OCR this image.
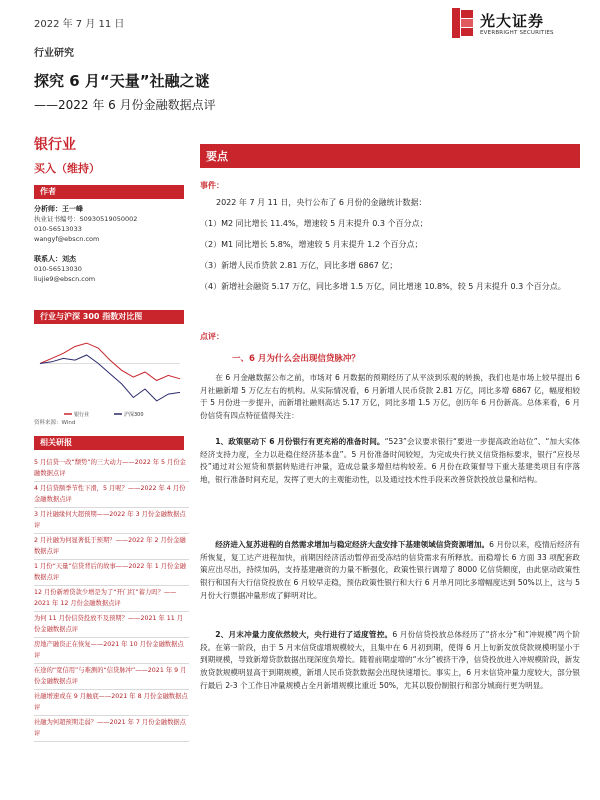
2022 年 7 月 11 日	光大证券
EVERBRIGHT SECURITIES
行业研究
探究 6 月“天量”社融之谜
——2022 年 6 月份金融数据点评
银行业
买入（维持）
作者
分析师：王一峰
执业证书编号：S0930519050002
010-56513033
wangyf@ebscn.com
联系人：刘杰
010-56513030
liujie9@ebscn.com
行业与沪深 300 指数对比图
银行业	沪深300
资料来源：Wind
相关研报
5 月信贷一改“颓势”的三大动力——2022 年 5 月份金融数据点评
4 月信贷额季节性下滑，5 月呢？——2022 年 4 月份金融数据点评
3 月社融缘何大超预期——2022 年 3 月份金融数据点评
2 月社融为何显著低于预期？——2022 年 2 月份金融数据点评
1 月份“天量”信贷背后的故事——2022 年 1 月份金融数据点评
12 月份新增贷款少增是为了“开门红”蓄力吗？——2021 年 12 月份金融数据点评
为何 11 月份信贷投放不及预期？——2021 年 11 月份金融数据点评
房地产融资正在恢复——2021 年 10 月份金融数据点评
在途的“宽信用”与难测的“信贷脉冲”——2021 年 9 月份金融数据点评
社融增速或在 9 月触底——2021 年 8 月份金融数据点评
社融为何超预期走弱？——2021 年 7 月份金融数据点评
要点
事件：
2022 年 7 月 11 日，央行公布了 6 月份的金融统计数据：
（1）M2 同比增长 11.4%，增速较 5 月末提升 0.3 个百分点；
（2）M1 同比增长 5.8%，增速较 5 月末提升 1.2 个百分点；
（3）新增人民币贷款 2.81 万亿，同比多增 6867 亿；
（4）新增社会融资 5.17 万亿，同比多增 1.5 万亿，同比增速 10.8%，较 5 月末提升 0.3 个百分点。
点评：
一、6 月为什么会出现信贷脉冲？
在 6 月金融数据公布之前，市场对 6 月数据的预期经历了从平淡到乐观的转换，我们也是市场上较早提出 6 月社融新增 5 万亿左右的机构。从实际情况看，6 月新增人民币贷款 2.81 万亿，同比多增 6867 亿，幅度相较于 5 月份进一步提升，而新增社融则高达 5.17 万亿，同比多增 1.5 万亿，创历年 6 月份新高。总体来看，6 月份信贷有四点特征值得关注：
1、政策驱动下 6 月份银行有更充裕的准备时间。“523”会议要求银行“要进一步提高政治站位”、“加大实体经济支持力度，全力以赴稳住经济基本盘”。5 月份准备时间较短，为完成央行狭义信贷指标要求，银行“应投尽投”通过对公短贷和票据转贴进行冲量，造成总量多增但结构较差。6 月份在政策督导下重大基建类项目有序落地，银行准备时间充足，发挥了更大的主观能动性，以及通过技术性手段来改善贷款投放总量和结构。
经济进入复苏进程的自然需求增加与稳定经济大盘安排下基建领域信贷资源增加。6 月份以来，疫情后经济有所恢复，复工达产进程加快，前期因经济活动暂停而受冻结的信贷需求有所释放。而稳增长 6 方面 33 项配套政策应出尽出，持续加码，支持基建融资的力量不断强化，政策性银行调增了 8000 亿信贷额度，由此驱动政策性银行和国有大行信贷投放在 6 月较早走稳，预估政策性银行和大行 6 月单月同比多增幅度达到 50%以上，这与 5 月份大行票据冲量形成了鲜明对比。
2、月末冲量力度依然较大，央行进行了适度管控。6 月份信贷投放总体经历了“挤水分”和“冲规模”两个阶段。在第一阶段，由于 5 月末信贷虚增规模较大，且集中在 6 月初到期，使得 6 月上旬新发放贷款规模明显小于到期规模，导致新增贷款数据出现深度负增长。随着前期虚增的“水分”被挤干净，信贷投放进入冲规模阶段，新发放贷款规模明显高于到期规模，新增人民币贷款数据会出现快速增长。事实上，6 月末信贷冲量力度较大，部分银行最后 2-3 个工作日冲量规模占全月新增规模比重近 50%，尤其以股份制银行和部分城商行更为明显。
